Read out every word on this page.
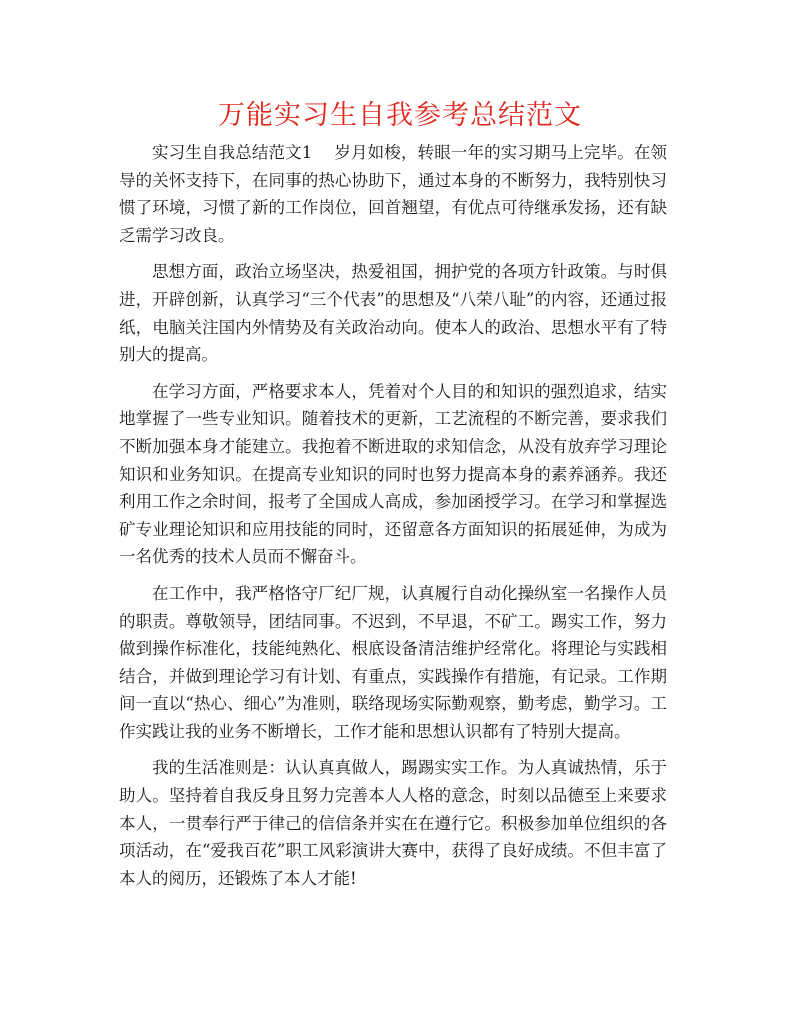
万能实习生自我参考总结范文

实习生自我总结范文1 岁月如梭，转眼一年的实习期马上完毕。在领导的关怀支持下，在同事的热心协助下，通过本身的不断努力，我特别快习惯了环境，习惯了新的工作岗位，回首翘望，有优点可待继承发扬，还有缺乏需学习改良。

思想方面，政治立场坚决，热爱祖国，拥护党的各项方针政策。与时俱进，开辟创新，认真学习“三个代表”的思想及“八荣八耻”的内容，还通过报纸，电脑关注国内外情势及有关政治动向。使本人的政治、思想水平有了特别大的提高。

在学习方面，严格要求本人，凭着对个人目的和知识的强烈追求，结实地掌握了一些专业知识。随着技术的更新，工艺流程的不断完善，要求我们不断加强本身才能建立。我抱着不断进取的求知信念，从没有放弃学习理论知识和业务知识。在提高专业知识的同时也努力提高本身的素养涵养。我还利用工作之余时间，报考了全国成人高成，参加函授学习。在学习和掌握选矿专业理论知识和应用技能的同时，还留意各方面知识的拓展延伸，为成为一名优秀的技术人员而不懈奋斗。

在工作中，我严格恪守厂纪厂规，认真履行自动化操纵室一名操作人员的职责。尊敬领导，团结同事。不迟到，不早退，不矿工。踢实工作，努力做到操作标准化，技能纯熟化、根底设备清洁维护经常化。将理论与实践相结合，并做到理论学习有计划、有重点，实践操作有措施，有记录。工作期间一直以“热心、细心”为准则，联络现场实际勤观察，勤考虑，勤学习。工作实践让我的业务不断增长，工作才能和思想认识都有了特别大提高。

我的生活准则是：认认真真做人，踢踢实实工作。为人真诚热情，乐于助人。坚持着自我反身且努力完善本人人格的意念，时刻以品德至上来要求本人，一贯奉行严于律己的信信条并实在在遵行它。积极参加单位组织的各项活动，在“爱我百花”职工风彩演讲大赛中，获得了良好成绩。不但丰富了本人的阅历，还锻炼了本人才能!
